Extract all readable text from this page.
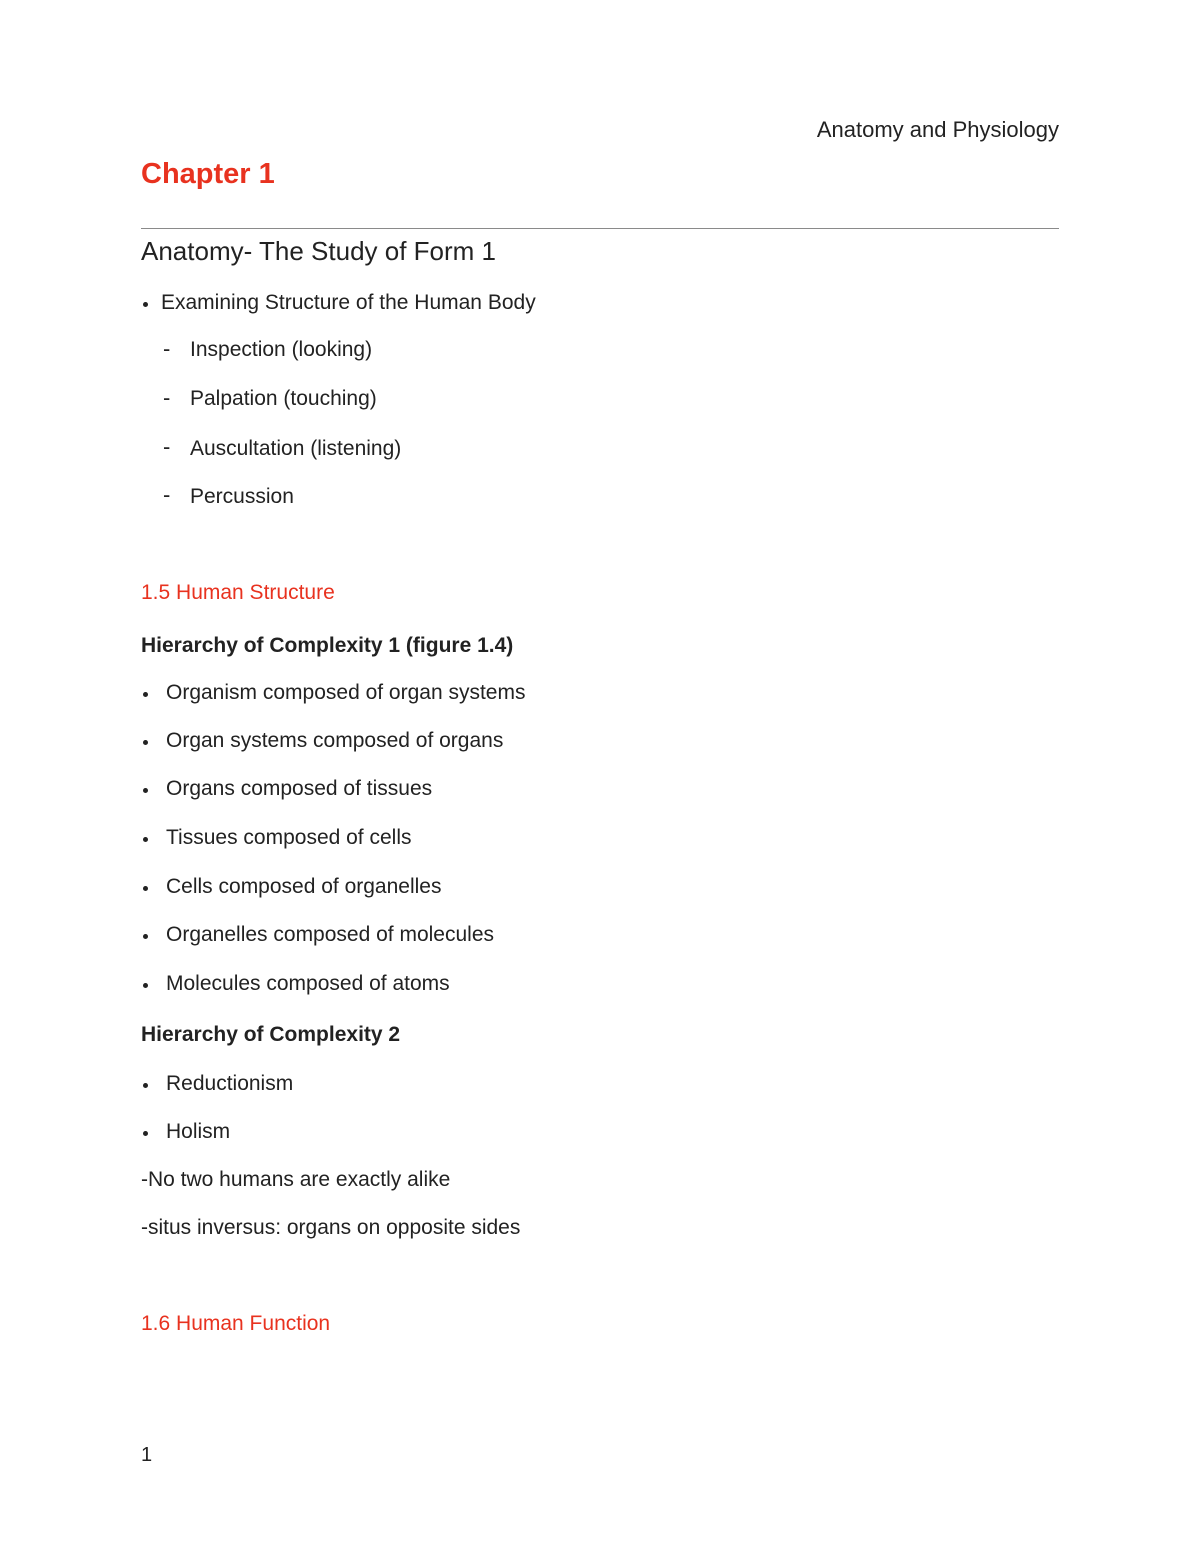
Anatomy and Physiology
Chapter 1
Anatomy- The Study of Form 1
Examining Structure of the Human Body
- Inspection (looking)
- Palpation (touching)
- Auscultation (listening)
- Percussion
1.5 Human Structure
Hierarchy of Complexity 1 (figure 1.4)
Organism composed of organ systems
Organ systems composed of organs
Organs composed of tissues
Tissues composed of cells
Cells composed of organelles
Organelles composed of molecules
Molecules composed of atoms
Hierarchy of Complexity 2
Reductionism
Holism
-No two humans are exactly alike
-situs inversus: organs on opposite sides
1.6 Human Function
1
